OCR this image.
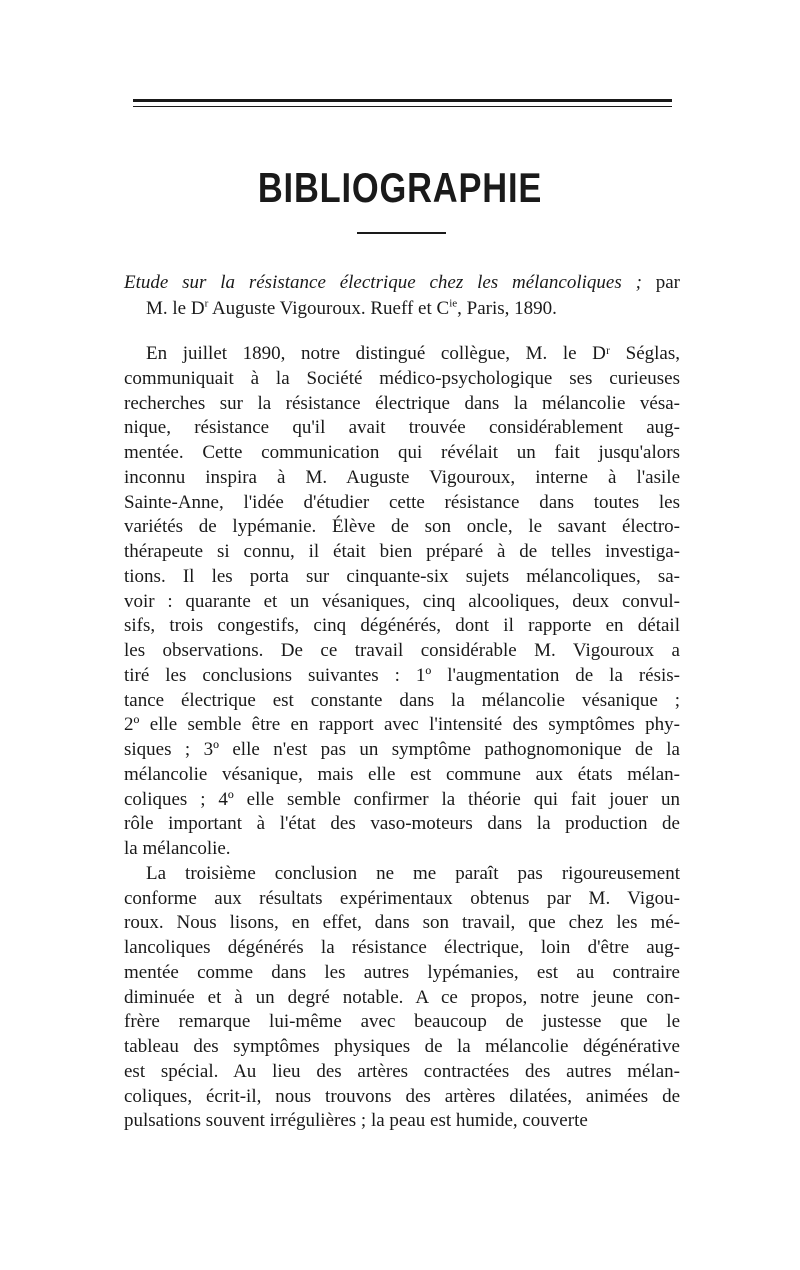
BIBLIOGRAPHIE
Etude sur la résistance électrique chez les mélancoliques ; par
M. le $D^r$ Auguste Vigouroux. Rueff et $C^{ie}$, Paris, 1890.
En juillet 1890, notre distingué collègue, M. le Dʳ Séglas,
communiquait à la Société médico-psychologique ses curieuses
recherches sur la résistance électrique dans la mélancolie vésa-
nique, résistance qu'il avait trouvée considérablement aug-
mentée. Cette communication qui révélait un fait jusqu'alors
inconnu inspira à M. Auguste Vigouroux, interne à l'asile
Sainte-Anne, l'idée d'étudier cette résistance dans toutes les
variétés de lypémanie. Élève de son oncle, le savant électro-
thérapeute si connu, il était bien préparé à de telles investiga-
tions. Il les porta sur cinquante-six sujets mélancoliques, sa-
voir : quarante et un vésaniques, cinq alcooliques, deux convul-
sifs, trois congestifs, cinq dégénérés, dont il rapporte en détail
les observations. De ce travail considérable M. Vigouroux a
tiré les conclusions suivantes : 1º l'augmentation de la résis-
tance électrique est constante dans la mélancolie vésanique ;
2º elle semble être en rapport avec l'intensité des symptômes phy-
siques ; 3º elle n'est pas un symptôme pathognomonique de la
mélancolie vésanique, mais elle est commune aux états mélan-
coliques ; 4º elle semble confirmer la théorie qui fait jouer un
rôle important à l'état des vaso-moteurs dans la production de
la mélancolie.
La troisième conclusion ne me paraît pas rigoureusement
conforme aux résultats expérimentaux obtenus par M. Vigou-
roux. Nous lisons, en effet, dans son travail, que chez les mé-
lancoliques dégénérés la résistance électrique, loin d'être aug-
mentée comme dans les autres lypémanies, est au contraire
diminuée et à un degré notable. A ce propos, notre jeune con-
frère remarque lui-même avec beaucoup de justesse que le
tableau des symptômes physiques de la mélancolie dégénérative
est spécial. Au lieu des artères contractées des autres mélan-
coliques, écrit-il, nous trouvons des artères dilatées, animées de
pulsations souvent irrégulières ; la peau est humide, couverte
